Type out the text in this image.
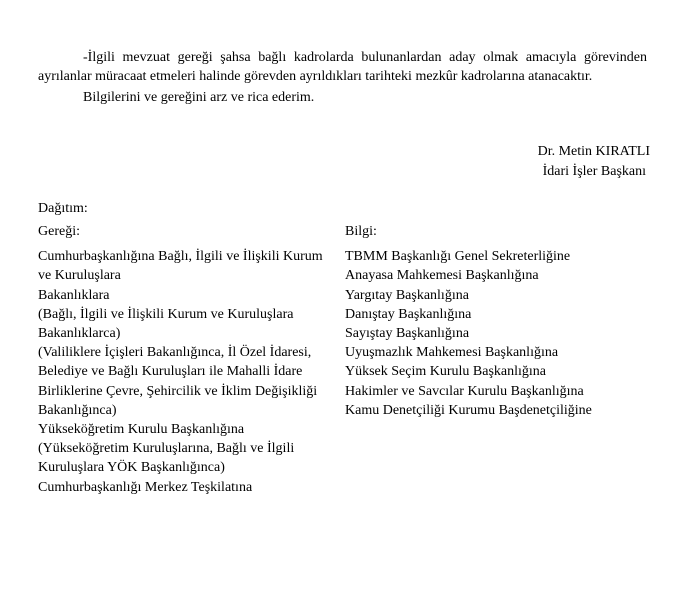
-İlgili mevzuat gereği şahsa bağlı kadrolarda bulunanlardan aday olmak amacıyla görevinden ayrılanlar müracaat etmeleri halinde görevden ayrıldıkları tarihteki mezkûr kadrolarına atanacaktır.

Bilgilerini ve gereğini arz ve rica ederim.

Dr. Metin KIRATLI
İdari İşler Başkanı
Dağıtım:
Gereği:
Cumhurbaşkanlığına Bağlı, İlgili ve İlişkili Kurum ve Kuruluşlara
Bakanlıklara
(Bağlı, İlgili ve İlişkili Kurum ve Kuruluşlara Bakanlıklarca)
(Valiliklere İçişleri Bakanlığınca, İl Özel İdaresi, Belediye ve Bağlı Kuruluşları ile Mahalli İdare Birliklerine Çevre, Şehircilik ve İklim Değişikliği Bakanlığınca)
Yükseköğretim Kurulu Başkanlığına
(Yükseköğretim Kuruluşlarına, Bağlı ve İlgili Kuruluşlara YÖK Başkanlığınca)
Cumhurbaşkanlığı Merkez Teşkilatına
Bilgi:
TBMM Başkanlığı Genel Sekreterliğine
Anayasa Mahkemesi Başkanlığına
Yargıtay Başkanlığına
Danıştay Başkanlığına
Sayıştay Başkanlığına
Uyuşmazlık Mahkemesi Başkanlığına
Yüksek Seçim Kurulu Başkanlığına
Hakimler ve Savcılar Kurulu Başkanlığına
Kamu Denetçiliği Kurumu Başdenetçiliğine
